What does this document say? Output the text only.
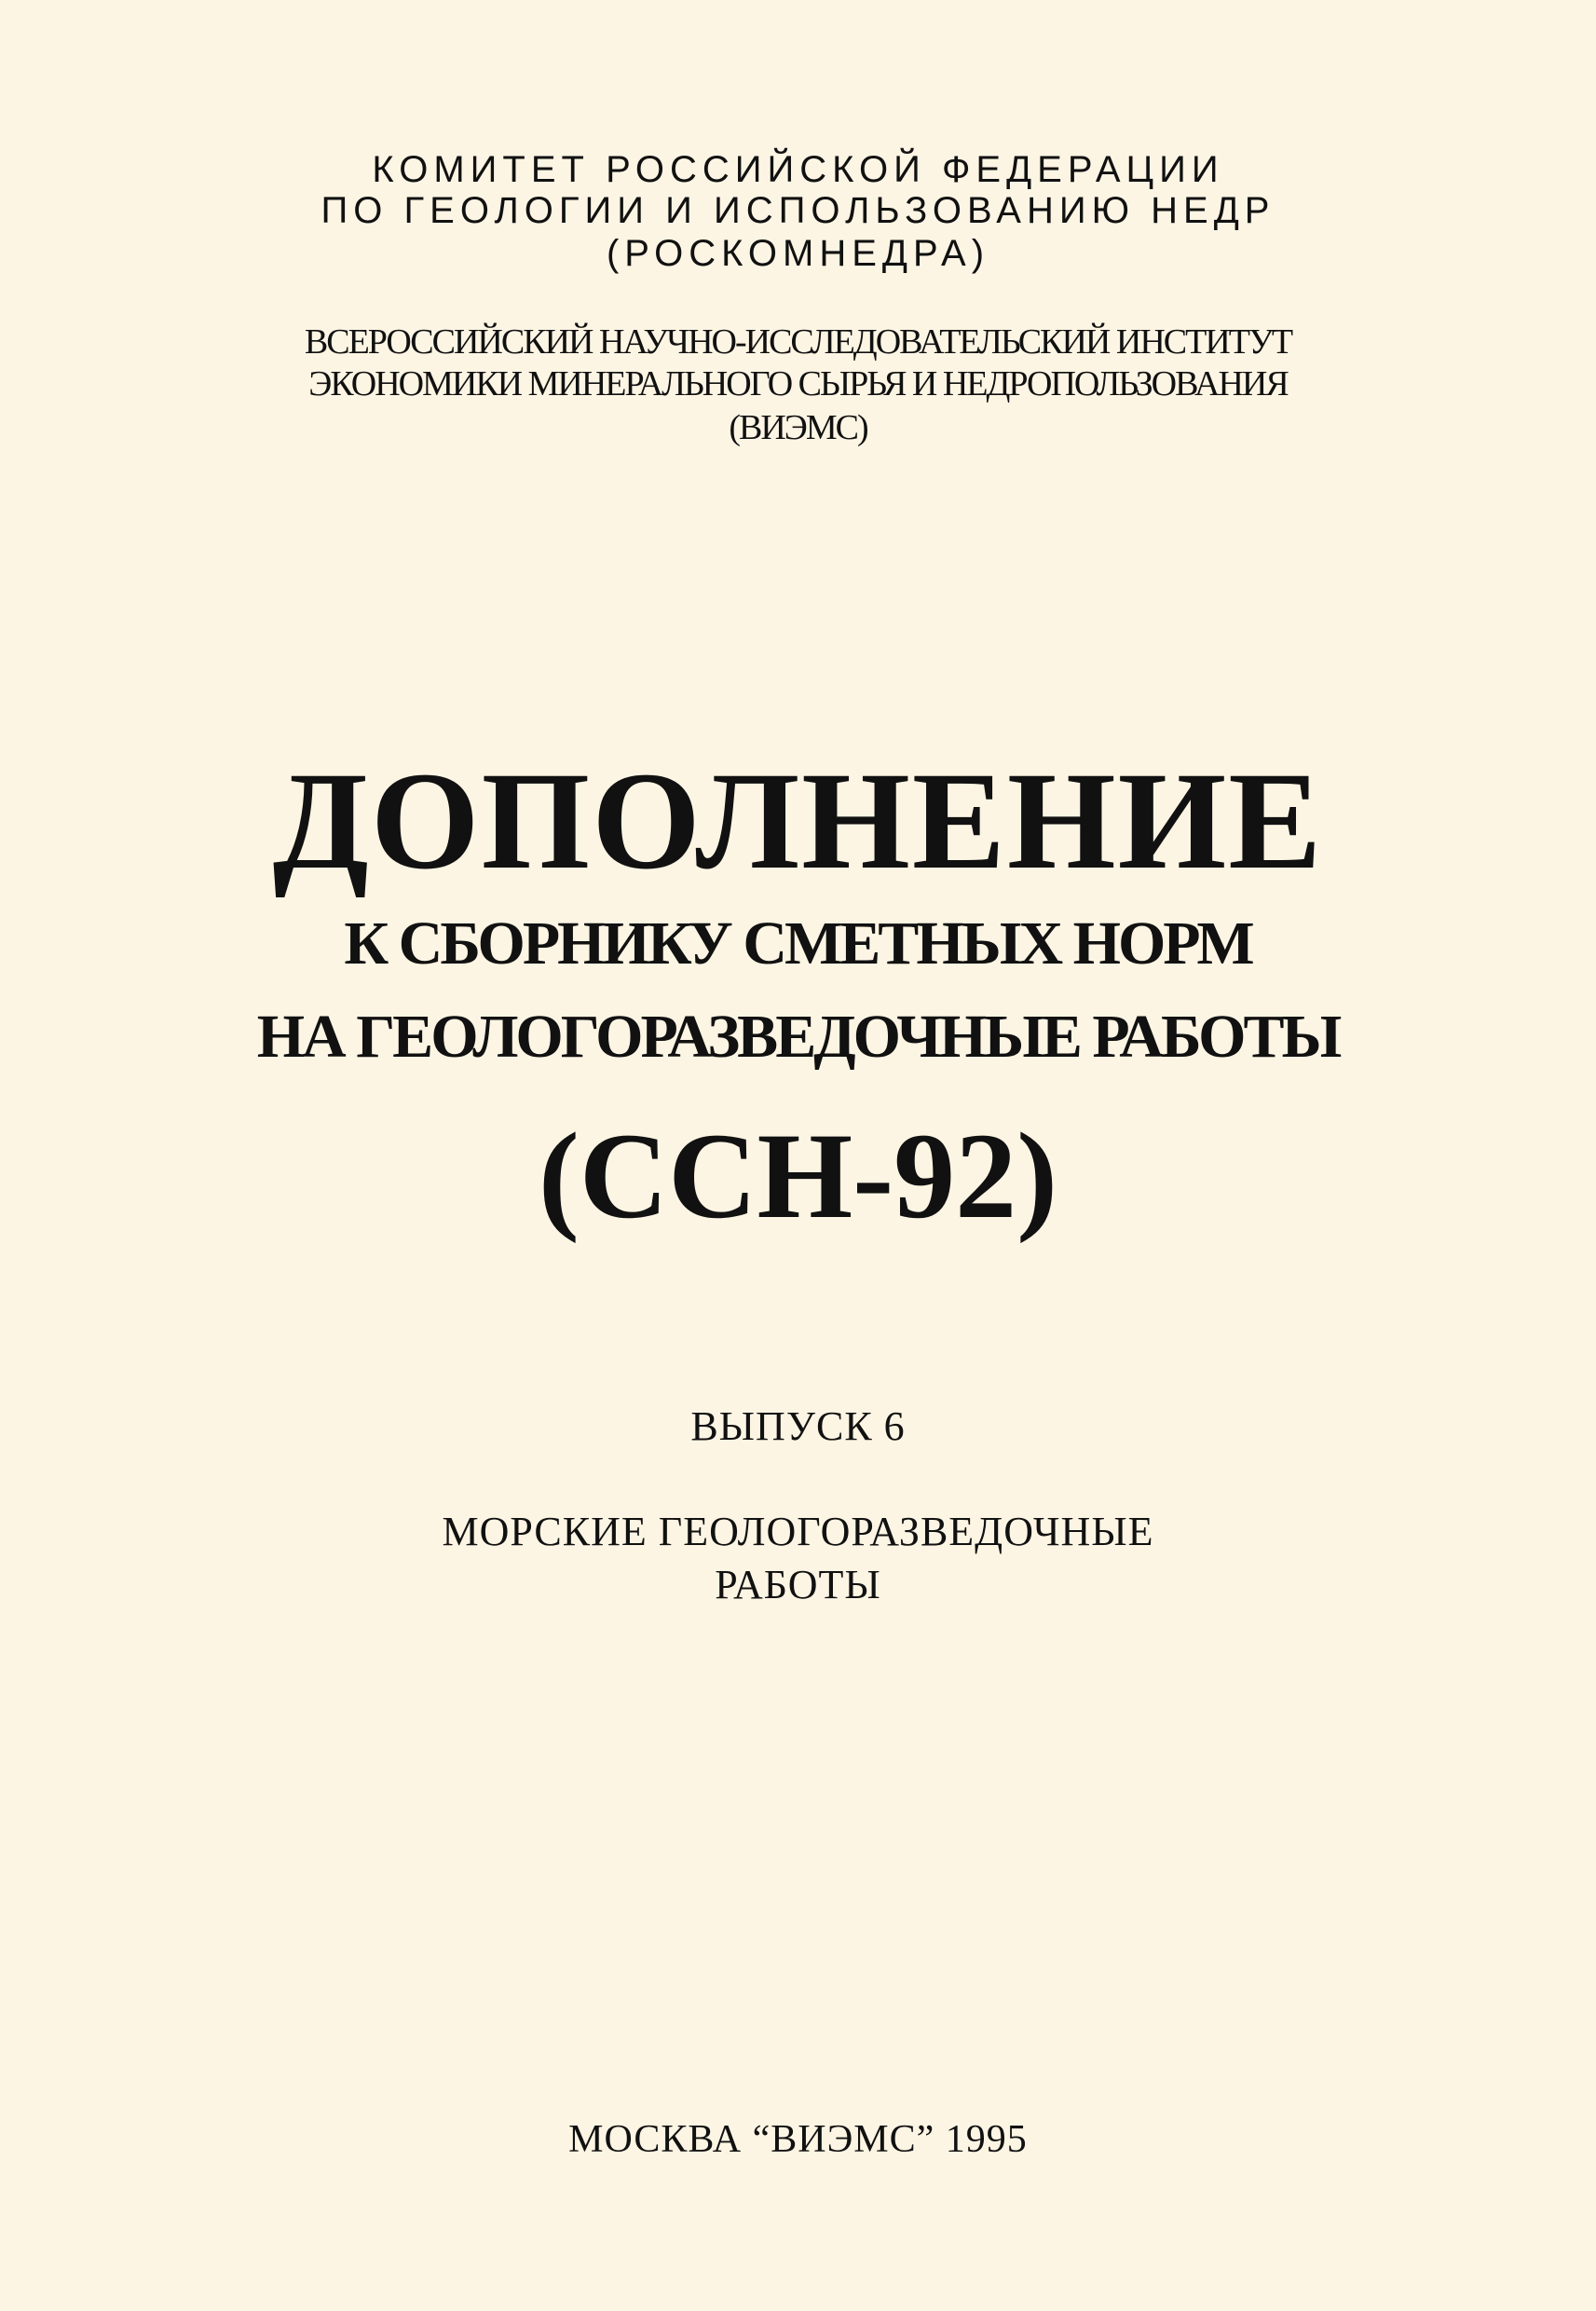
КОМИТЕТ РОССИЙСКОЙ ФЕДЕРАЦИИ
ПО ГЕОЛОГИИ И ИСПОЛЬЗОВАНИЮ НЕДР
(РОСКОМНЕДРА)
ВСЕРОССИЙСКИЙ НАУЧНО-ИССЛЕДОВАТЕЛЬСКИЙ ИНСТИТУТ
ЭКОНОМИКИ МИНЕРАЛЬНОГО СЫРЬЯ И НЕДРОПОЛЬЗОВАНИЯ
(ВИЭМС)
ДОПОЛНЕНИЕ
К СБОРНИКУ СМЕТНЫХ НОРМ
НА ГЕОЛОГОРАЗВЕДОЧНЫЕ РАБОТЫ
(ССН-92)
ВЫПУСК 6
МОРСКИЕ ГЕОЛОГОРАЗВЕДОЧНЫЕ
РАБОТЫ
МОСКВА “ВИЭМС” 1995
